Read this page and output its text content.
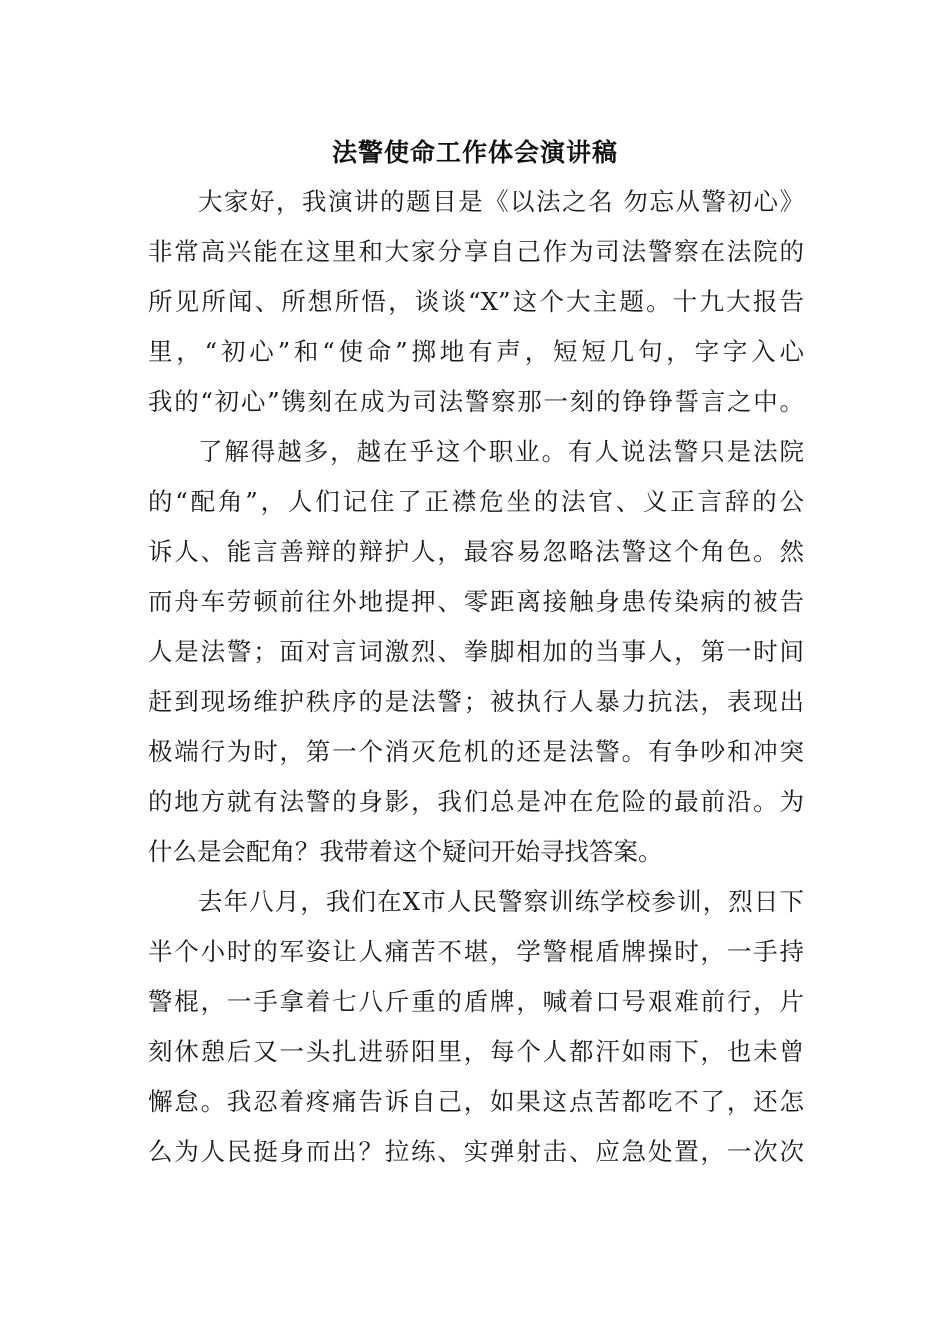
法警使命工作体会演讲稿

大家好，我演讲的题目是《以法之名 勿忘从警初心》

非常高兴能在这里和大家分享自己作为司法警察在法院的

所见所闻、所想所悟，谈谈“X”这个大主题。十九大报告

里，“初心”和“使命”掷地有声，短短几句，字字入心

我的“初心”镌刻在成为司法警察那一刻的铮铮誓言之中。

了解得越多，越在乎这个职业。有人说法警只是法院

的“配角”，人们记住了正襟危坐的法官、义正言辞的公

诉人、能言善辩的辩护人，最容易忽略法警这个角色。然

而舟车劳顿前往外地提押、零距离接触身患传染病的被告

人是法警；面对言词激烈、拳脚相加的当事人，第一时间

赶到现场维护秩序的是法警；被执行人暴力抗法，表现出

极端行为时，第一个消灭危机的还是法警。有争吵和冲突

的地方就有法警的身影，我们总是冲在危险的最前沿。为

什么是会配角？我带着这个疑问开始寻找答案。

去年八月，我们在X市人民警察训练学校参训，烈日下

半个小时的军姿让人痛苦不堪，学警棍盾牌操时，一手持

警棍，一手拿着七八斤重的盾牌，喊着口号艰难前行，片

刻休憩后又一头扎进骄阳里，每个人都汗如雨下，也未曾

懈怠。我忍着疼痛告诉自己，如果这点苦都吃不了，还怎

么为人民挺身而出？拉练、实弹射击、应急处置，一次次
